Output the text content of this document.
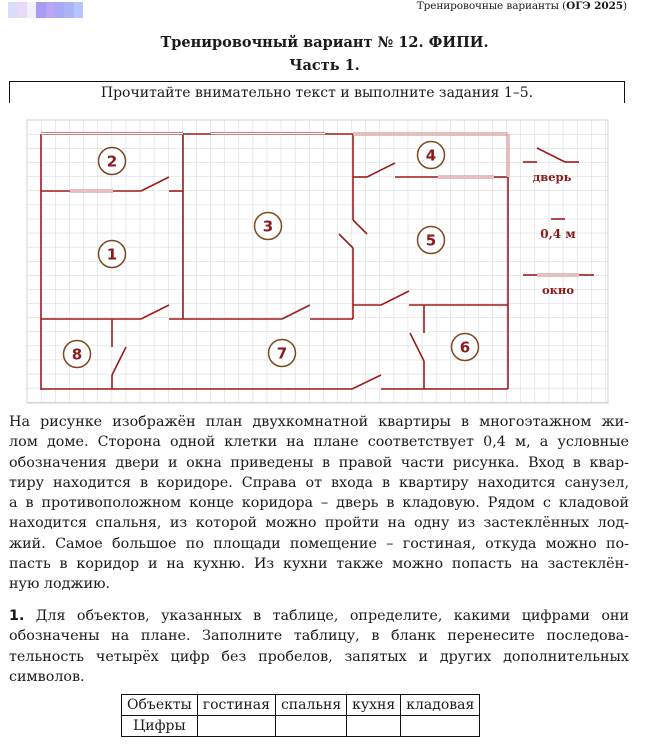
Тренировочные варианты (ОГЭ 2025)
Тренировочный вариант № 12. ФИПИ.
Часть 1.
Прочитайте внимательно текст и выполните задания 1–5.
1
2
3
4
5
6
7
8
дверь
0,4 м
окно
На рисунке изображён план двухкомнатной квартиры в многоэтажном жи-
лом доме. Сторона одной клетки на плане соответствует 0,4 м, а условные
обозначения двери и окна приведены в правой части рисунка. Вход в квар-
тиру находится в коридоре. Справа от входа в квартиру находится санузел,
а в противоположном конце коридора – дверь в кладовую. Рядом с кладовой
находится спальня, из которой можно пройти на одну из застеклённых лод-
жий. Самое большое по площади помещение – гостиная, откуда можно по-
пасть в коридор и на кухню. Из кухни также можно попасть на застеклён-
ную лоджию.
1. Для объектов, указанных в таблице, определите, какими цифрами они
обозначены на плане. Заполните таблицу, в бланк перенесите последова-
тельность четырёх цифр без пробелов, запятых и других дополнительных
символов.
Объекты	гостиная	спальня	кухня	кладовая
Цифры				
